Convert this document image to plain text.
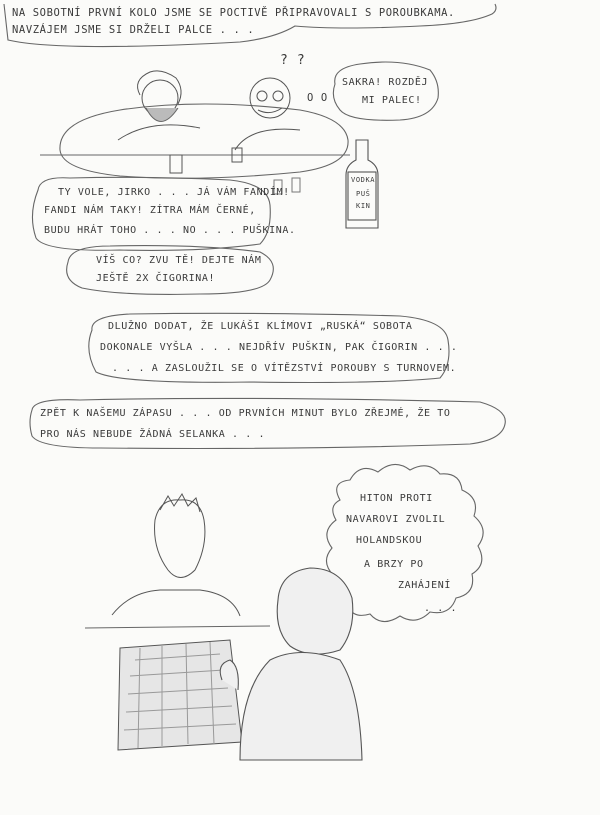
NA SOBOTNÍ PRVNÍ KOLO JSME SE POCTIVĚ PŘIPRAVOVALI S POROUBKAMA.
NAVZÁJEM JSME SI DRŽELI PALCE . . .
? ?
O O
SAKRA! ROZDĚJ
MI PALEC!
TY VOLE, JIRKO . . . JÁ VÁM FANDÍM!
FANDI NÁM TAKY! ZÍTRA MÁM ČERNÉ,
BUDU HRÁT TOHO . . . NO . . . PUŠKINA.
VÍŠ CO? ZVU TĚ! DEJTE NÁM
JEŠTĚ 2X ČIGORINA!
VODKA
PUŠ
KIN
DLUŽNO DODAT, ŽE LUKÁŠI KLÍMOVI „RUSKÁ“ SOBOTA
DOKONALE VYŠLA . . . NEJDŘÍV PUŠKIN, PAK ČIGORIN . . .
. . . A ZASLOUŽIL SE O VÍTĚZSTVÍ POROUBY S TURNOVEM.
ZPĚT K NAŠEMU ZÁPASU . . . OD PRVNÍCH MINUT BYLO ZŘEJMÉ, ŽE TO
PRO NÁS NEBUDE ŽÁDNÁ SELANKA . . .
HITON PROTI
NAVAROVI ZVOLIL
HOLANDSKOU
A BRZY PO
ZAHÁJENÍ
. . .
